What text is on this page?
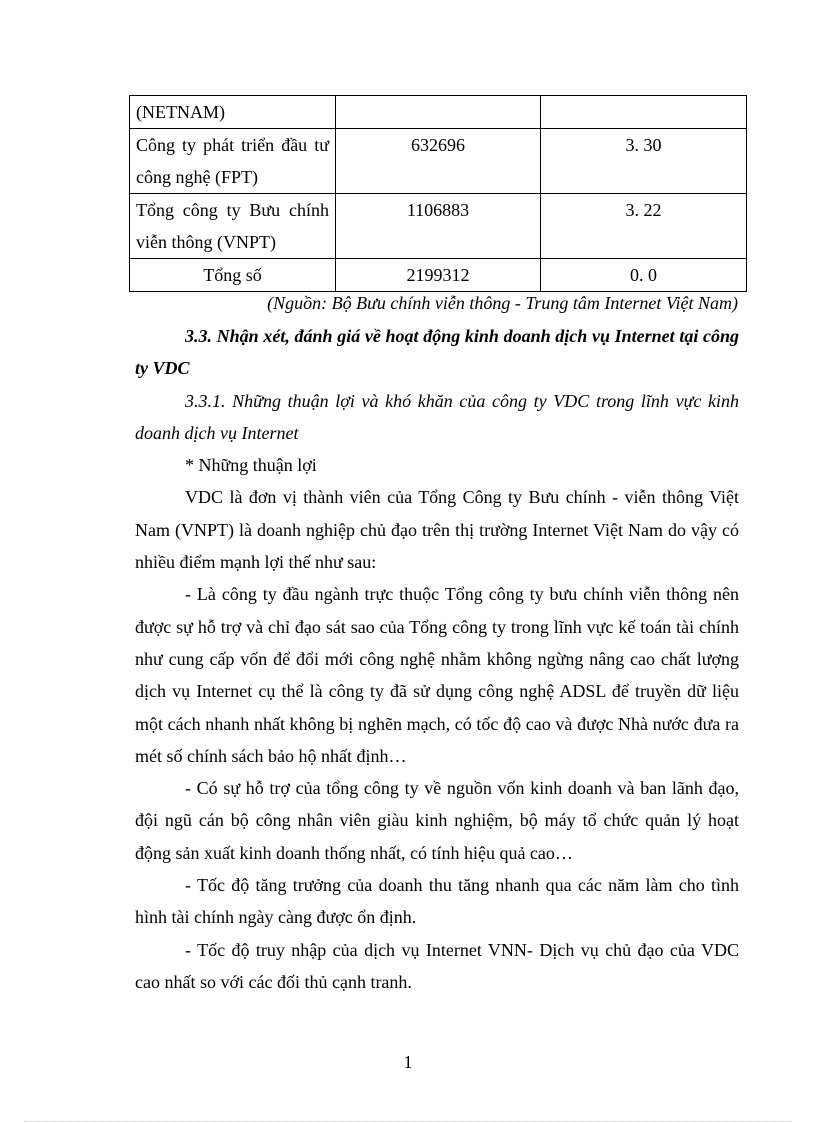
(NETNAM)		
Công ty phát triển đầu tư công nghệ (FPT)	632696	3. 30
Tổng công ty Bưu chính viễn thông (VNPT)	1106883	3. 22
Tổng số	2199312	0. 0
(Nguồn: Bộ Bưu chính viễn thông - Trung tâm Internet Việt Nam)

3.3. Nhận xét, đánh giá về hoạt động kinh doanh dịch vụ Internet tại công ty VDC

3.3.1. Những thuận lợi và khó khăn của công ty VDC trong lĩnh vực kinh doanh dịch vụ Internet

* Những thuận lợi

VDC là đơn vị thành viên của Tổng Công ty Bưu chính - viễn thông Việt Nam (VNPT) là doanh nghiệp chủ đạo trên thị trường Internet Việt Nam do vậy có nhiều điểm mạnh lợi thế như sau:

- Là công ty đầu ngành trực thuộc Tổng công ty bưu chính viễn thông nên được sự hỗ trợ và chỉ đạo sát sao của Tổng công ty trong lĩnh vực kế toán tài chính như cung cấp vốn để đổi mới công nghệ nhằm không ngừng nâng cao chất lượng dịch vụ Internet cụ thể là công ty đã sử dụng công nghệ ADSL để truyền dữ liệu một cách nhanh nhất không bị nghẽn mạch, có tốc độ cao và được Nhà nước đưa ra mét số chính sách bảo hộ nhất định…

- Có sự hỗ trợ của tổng công ty về nguồn vốn kinh doanh và ban lãnh đạo, đội ngũ cán bộ công nhân viên giàu kinh nghiệm, bộ máy tổ chức quản lý hoạt động sản xuất kinh doanh thống nhất, có tính hiệu quả cao…

- Tốc độ tăng trưởng của doanh thu tăng nhanh qua các năm làm cho tình hình tài chính ngày càng được ổn định.

- Tốc độ truy nhập của dịch vụ Internet VNN- Dịch vụ chủ đạo của VDC cao nhất so với các đối thủ cạnh tranh.

1
